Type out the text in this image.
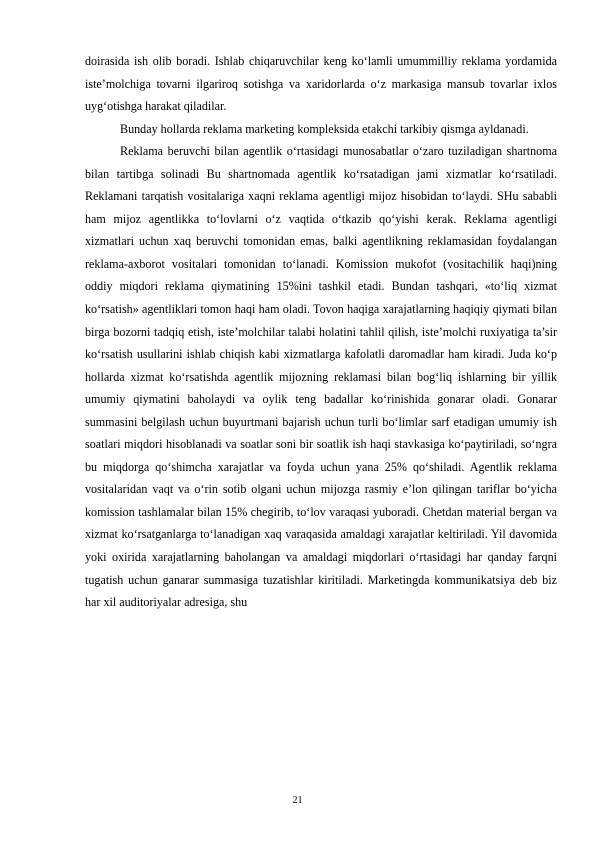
doirasida ish olib boradi. Ishlab chiqaruvchilar keng ko‘lamli umummilliy reklama yordamida iste’molchiga tovarni ilgariroq sotishga va xaridorlarda o‘z markasiga mansub tovarlar ixlos uyg‘otishga harakat qiladilar.

Bunday hollarda reklama marketing kompleksida etakchi tarkibiy qismga ayldanadi.

Reklama beruvchi bilan agentlik o‘rtasidagi munosabatlar o‘zaro tuziladigan shartnoma bilan tartibga solinadi Bu shartnomada agentlik ko‘rsatadigan jami xizmatlar ko‘rsatiladi. Reklamani tarqatish vositalariga xaqni reklama agentligi mijoz hisobidan to‘laydi. SHu sababli ham mijoz agentlikka to‘lovlarni o‘z vaqtida o‘tkazib qo‘yishi kerak. Reklama agentligi xizmatlari uchun xaq beruvchi tomonidan emas, balki agentlikning reklamasidan foydalangan reklama-axborot vositalari tomonidan to‘lanadi. Komission mukofot (vositachilik haqi)ning oddiy miqdori reklama qiymatining 15%ini tashkil etadi. Bundan tashqari, «to‘liq xizmat ko‘rsatish» agentliklari tomon haqi ham oladi. Tovon haqiga xarajatlarning haqiqiy qiymati bilan birga bozorni tadqiq etish, iste’molchilar talabi holatini tahlil qilish, iste’molchi ruxiyatiga ta’sir ko‘rsatish usullarini ishlab chiqish kabi xizmatlarga kafolatli daromadlar ham kiradi. Juda ko‘p hollarda xizmat ko‘rsatishda agentlik mijozning reklamasi bilan bog‘liq ishlarning bir yillik umumiy qiymatini baholaydi va oylik teng badallar ko‘rinishida gonarar oladi. Gonarar summasini belgilash uchun buyurtmani bajarish uchun turli bo‘limlar sarf etadigan umumiy ish soatlari miqdori hisoblanadi va soatlar soni bir soatlik ish haqi stavkasiga ko‘paytiriladi, so‘ngra bu miqdorga qo‘shimcha xarajatlar va foyda uchun yana 25% qo‘shiladi. Agentlik reklama vositalaridan vaqt va o‘rin sotib olgani uchun mijozga rasmiy e’lon qilingan tariflar bo‘yicha komission tashlamalar bilan 15% chegirib, to‘lov varaqasi yuboradi. Chetdan material bergan va xizmat ko‘rsatganlarga to‘lanadigan xaq varaqasida amaldagi xarajatlar keltiriladi. Yil davomida yoki oxirida xarajatlarning baholangan va amaldagi miqdorlari o‘rtasidagi har qanday farqni tugatish uchun ganarar summasiga tuzatishlar kiritiladi. Marketingda kommunikatsiya deb biz har xil auditoriyalar adresiga, shu

21
